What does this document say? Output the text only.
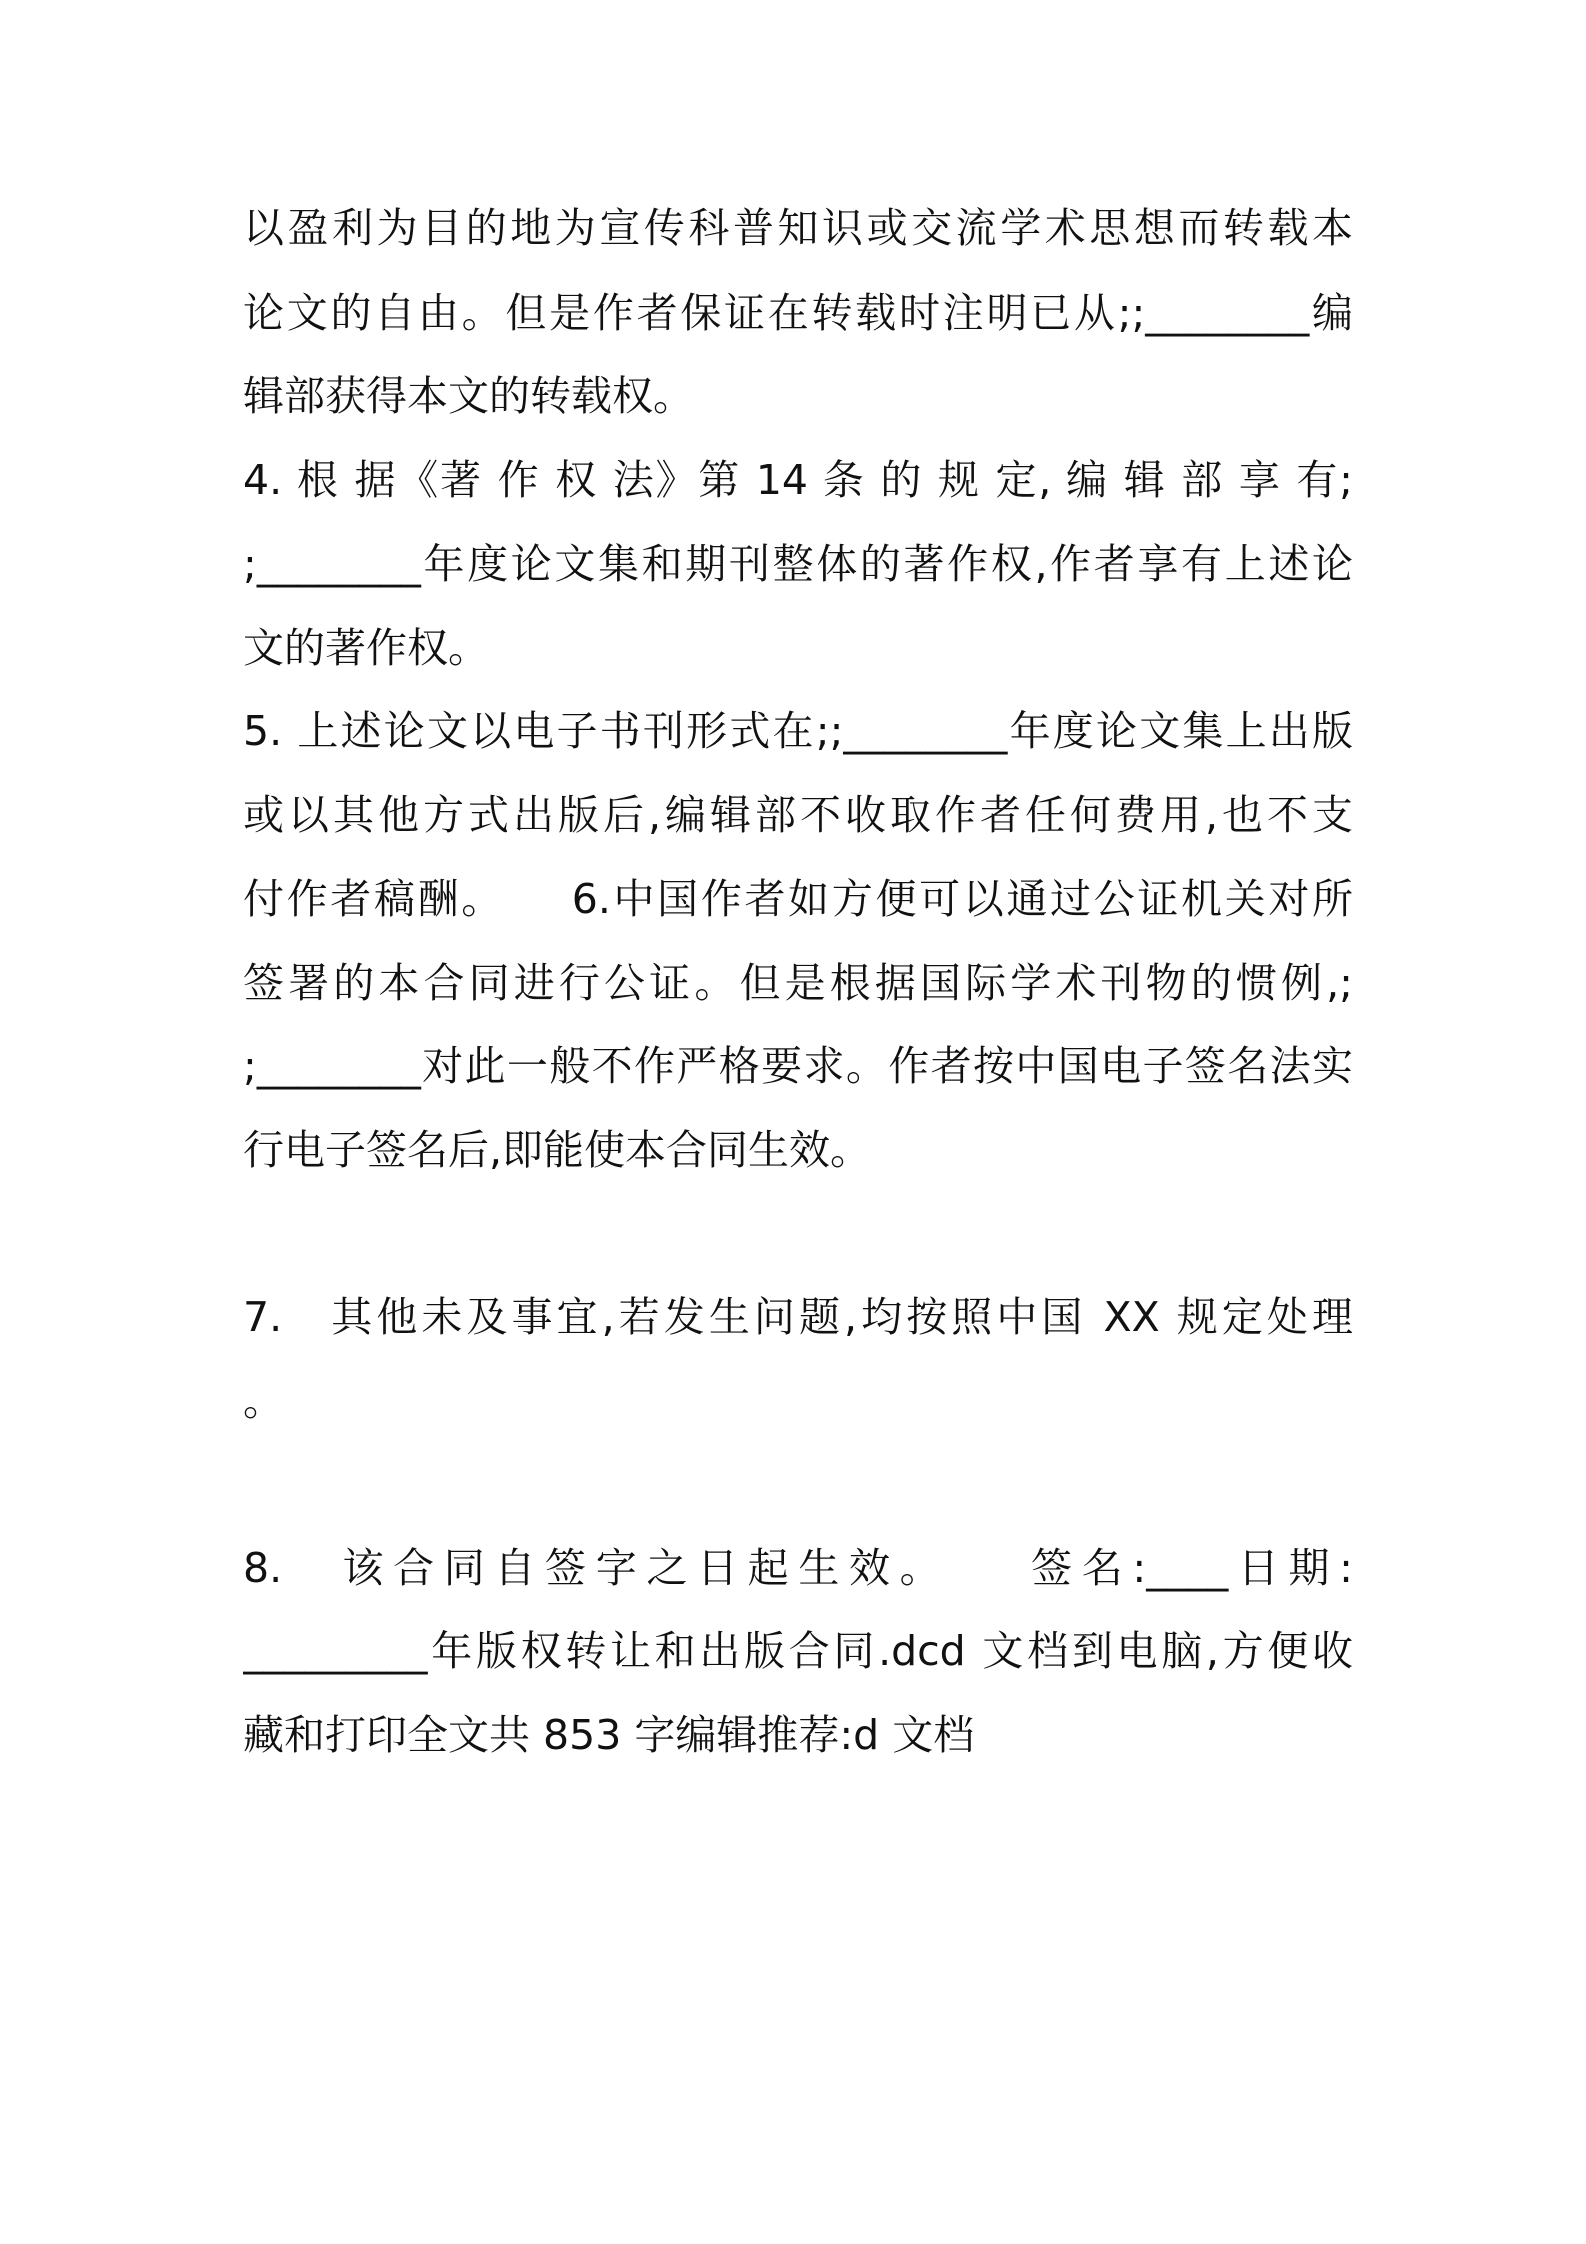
以盈利为目的地为宣传科普知识或交流学术思想而转载本
论文的自由。但是作者保证在转载时注明已从;;________编
辑部获得本文的转载权。
4. 根 据《著 作 权 法》第 14 条 的 规 定, 编 辑 部 享 有;
;________年度论文集和期刊整体的著作权,作者享有上述论
文的著作权。
5. 上述论文以电子书刊形式在;;________年度论文集上出版
或以其他方式出版后,编辑部不收取作者任何费用,也不支
付作者稿酬。　　6.中国作者如方便可以通过公证机关对所
签署的本合同进行公证。但是根据国际学术刊物的惯例,;
;________对此一般不作严格要求。作者按中国电子签名法实
行电子签名后,即能使本合同生效。
7.　其他未及事宜,若发生问题,均按照中国 XX 规定处理
。
8.　该合同自签字之日起生效。　　签名:____日期:
_________年版权转让和出版合同.dcd 文档到电脑,方便收
藏和打印全文共 853 字编辑推荐:d 文档
